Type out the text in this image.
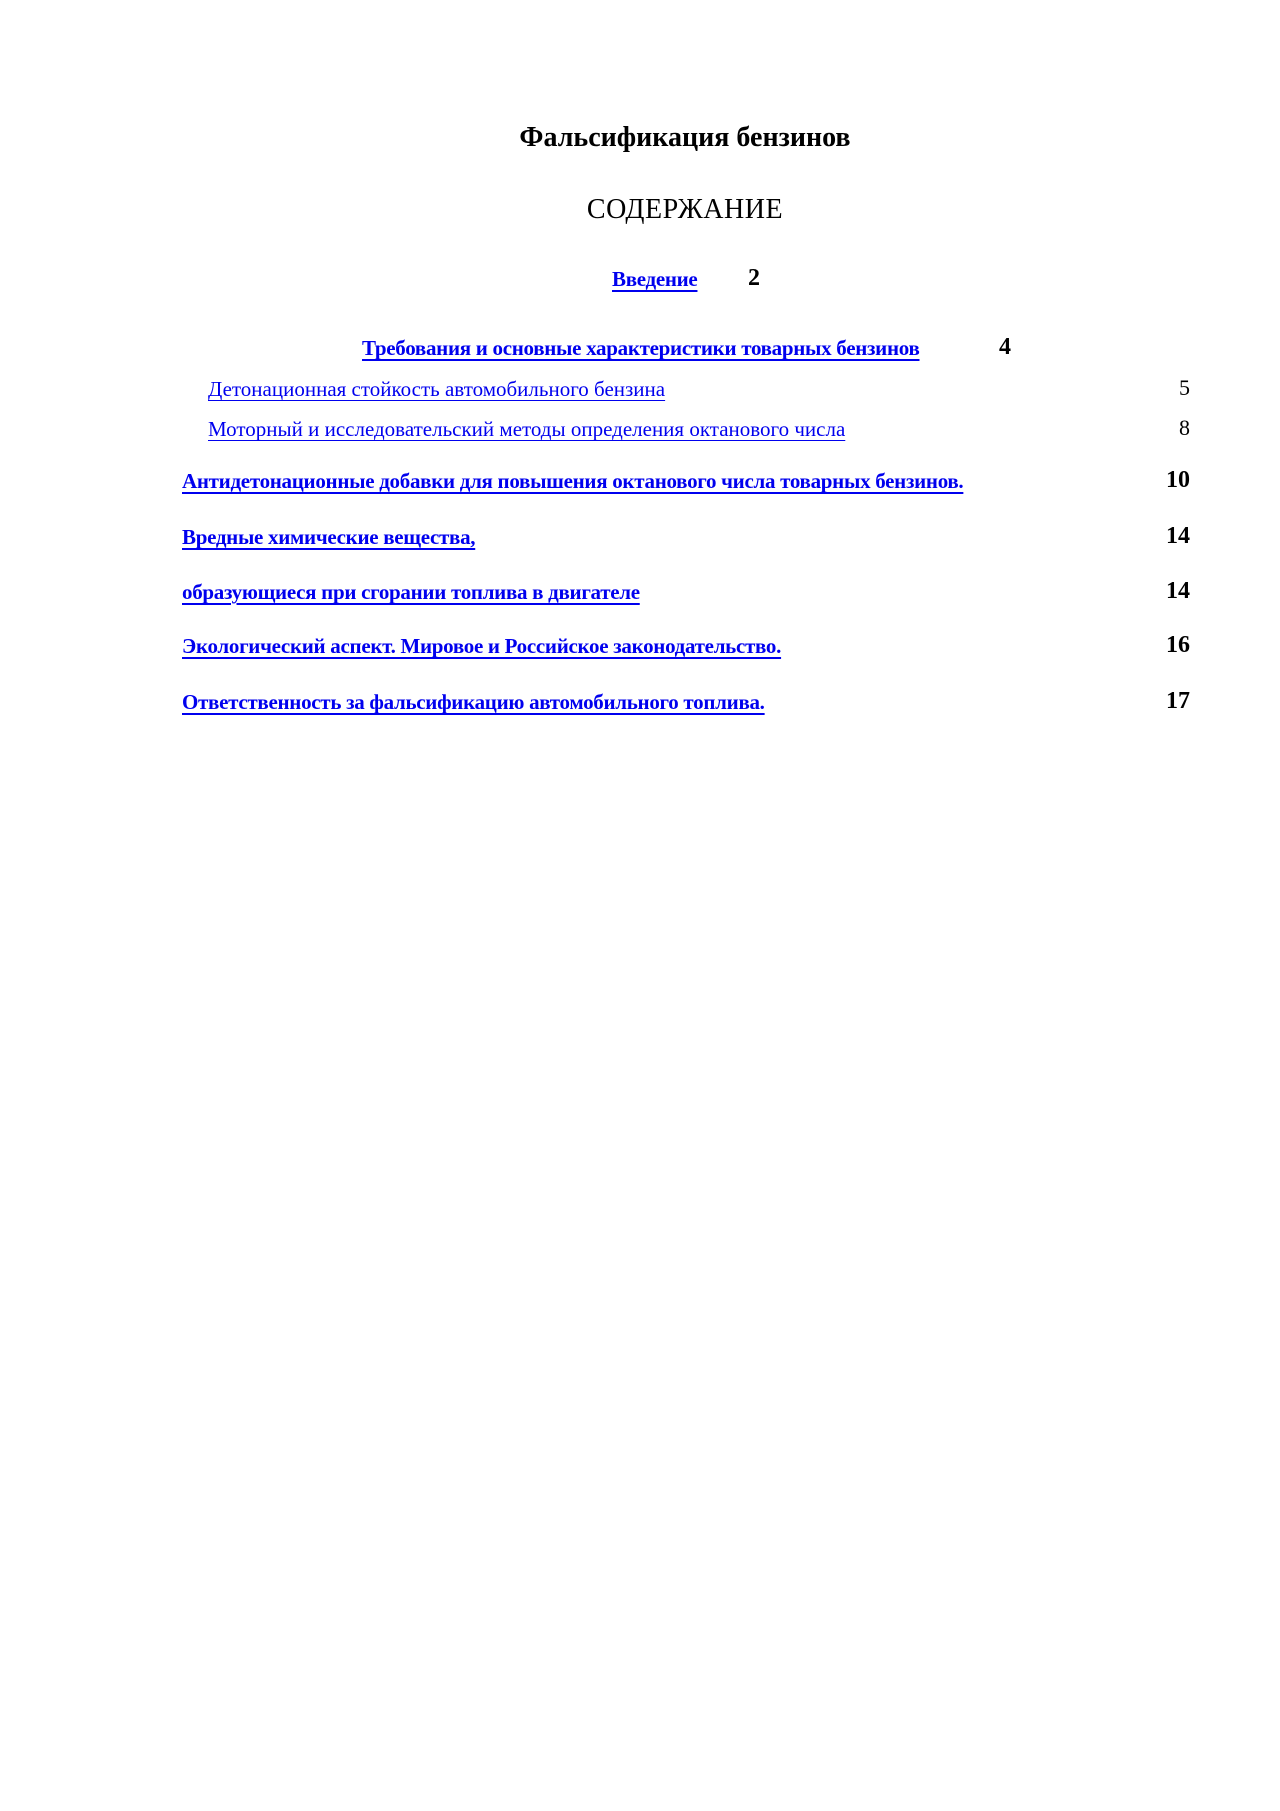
Фальсификация бензинов
СОДЕРЖАНИЕ
Введение 2
Требования и основные характеристики товарных бензинов	4
Детонационная стойкость автомобильного бензина	5
Моторный и исследовательский методы определения октанового числа	8
Антидетонационные добавки для повышения октанового числа товарных бензинов.	10
Вредные химические вещества,	14
образующиеся при сгорании топлива в двигателе	14
Экологический аспект. Мировое и Российское законодательство.	16
Ответственность за фальсификацию автомобильного топлива.	17
